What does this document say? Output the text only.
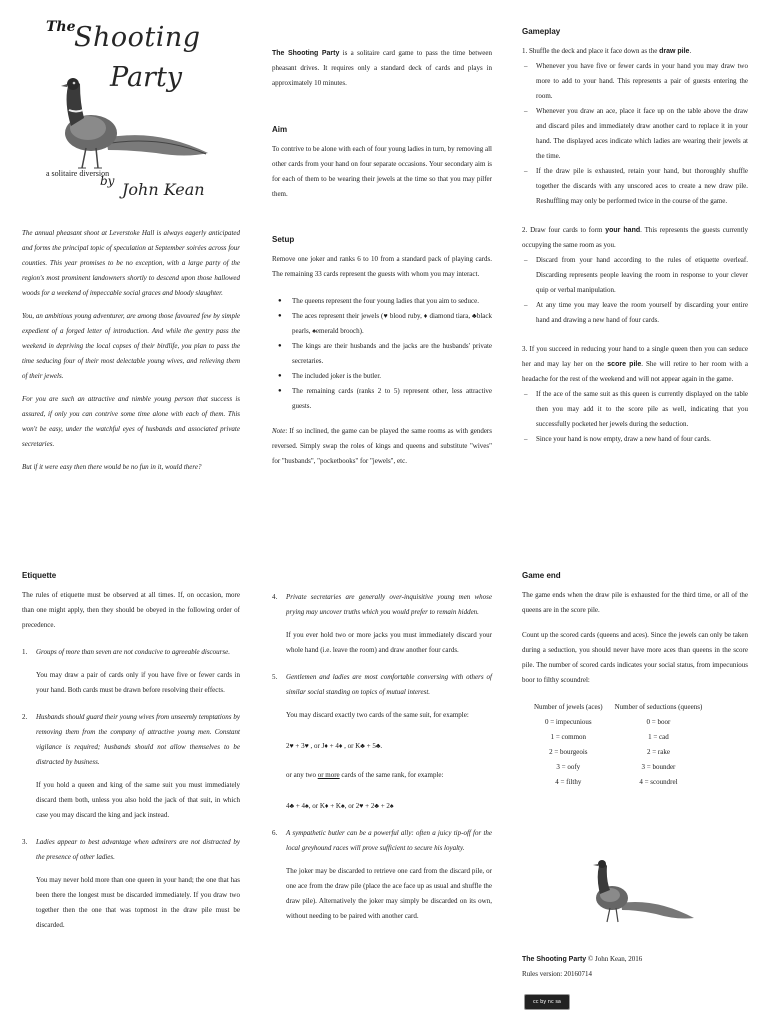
The
Shooting
Party
a solitaire diversion
by John Kean

The annual pheasant shoot at Leverstoke Hall is always eagerly anticipated and forms the principal topic of speculation at September soirées across four counties. This year promises to be no exception, with a large party of the region's most prominent landowners shortly to descend upon those hallowed woods for a weekend of impeccable social graces and bloody slaughter.

You, an ambitious young adventurer, are among those favoured few by simple expedient of a forged letter of introduction. And while the gentry pass the weekend in depriving the local copses of their birdlife, you plan to pass the time seducing four of their most delectable young wives, and relieving them of their jewels.

For you are such an attractive and nimble young person that success is assured, if only you can contrive some time alone with each of them. This won't be easy, under the watchful eyes of husbands and associated private secretaries.

But if it were easy then there would be no fun in it, would there?

The Shooting Party is a solitaire card game to pass the time between pheasant drives. It requires only a standard deck of cards and plays in approximately 10 minutes.

Aim

To contrive to be alone with each of four young ladies in turn, by removing all other cards from your hand on four separate occasions. Your secondary aim is for each of them to be wearing their jewels at the time so that you may pilfer them.

Setup

Remove one joker and ranks 6 to 10 from a standard pack of playing cards. The remaining 33 cards represent the guests with whom you may interact.

● The queens represent the four young ladies that you aim to seduce.
● The aces represent their jewels (♥ blood ruby, ♦ diamond tiara, ♣black pearls, ♠emerald brooch).
● The kings are their husbands and the jacks are the husbands' private secretaries.
● The included joker is the butler.
● The remaining cards (ranks 2 to 5) represent other, less attractive guests.

Note: If so inclined, the game can be played the same rooms as with genders reversed. Simply swap the roles of kings and queens and substitute "wives" for "husbands", "pocketbooks" for "jewels", etc.

Gameplay

1. Shuffle the deck and place it face down as the draw pile.

– Whenever you have five or fewer cards in your hand you may draw two more to add to your hand. This represents a pair of guests entering the room.
– Whenever you draw an ace, place it face up on the table above the draw and discard piles and immediately draw another card to replace it in your hand. The displayed aces indicate which ladies are wearing their jewels at the time.
– If the draw pile is exhausted, retain your hand, but thoroughly shuffle together the discards with any unscored aces to create a new draw pile. Reshuffling may only be performed twice in the course of the game.

2. Draw four cards to form your hand. This represents the guests currently occupying the same room as you.

– Discard from your hand according to the rules of etiquette overleaf. Discarding represents people leaving the room in response to your clever quip or verbal manipulation.
– At any time you may leave the room yourself by discarding your entire hand and drawing a new hand of four cards.

3. If you succeed in reducing your hand to a single queen then you can seduce her and may lay her on the score pile. She will retire to her room with a headache for the rest of the weekend and will not appear again in the game.

– If the ace of the same suit as this queen is currently displayed on the table then you may add it to the score pile as well, indicating that you successfully pocketed her jewels during the seduction.
– Since your hand is now empty, draw a new hand of four cards.
Etiquette

The rules of etiquette must be observed at all times. If, on occasion, more than one might apply, then they should be obeyed in the following order of precedence.

1. Groups of more than seven are not conducive to agreeable discourse.

You may draw a pair of cards only if you have five or fewer cards in your hand. Both cards must be drawn before resolving their effects.

2. Husbands should guard their young wives from unseemly temptations by removing them from the company of attractive young men. Constant vigilance is required; husbands should not allow themselves to be distracted by business.

If you hold a queen and king of the same suit you must immediately discard them both, unless you also hold the jack of that suit, in which case you may discard the king and jack instead.

3. Ladies appear to best advantage when admirers are not distracted by the presence of other ladies.

You may never hold more than one queen in your hand; the one that has been there the longest must be discarded immediately. If you draw two together then the one that was topmost in the draw pile must be discarded.

4. Private secretaries are generally over-inquisitive young men whose prying may uncover truths which you would prefer to remain hidden.

If you ever hold two or more jacks you must immediately discard your whole hand (i.e. leave the room) and draw another four cards.

5. Gentlemen and ladies are most comfortable conversing with others of similar social standing on topics of mutual interest.

You may discard exactly two cards of the same suit, for example:

2♥ + 3♥ , or J♦ + 4♦ , or K♣ + 5♣.

or any two or more cards of the same rank, for example:

4♣ + 4♠, or K♦ + K♠, or 2♥ + 2♣ + 2♠

6. A sympathetic butler can be a powerful ally: often a juicy tip-off for the local greyhound races will prove sufficient to secure his loyalty.

The joker may be discarded to retrieve one card from the discard pile, or one ace from the draw pile (place the ace face up as usual and shuffle the draw pile). Alternatively the joker may simply be discarded on its own, without needing to be paired with another card.

Game end

The game ends when the draw pile is exhausted for the third time, or all of the queens are in the score pile.

Count up the scored cards (queens and aces). Since the jewels can only be taken during a seduction, you should never have more aces than queens in the score pile. The number of scored cards indicates your social status, from impecunious boor to filthy scoundrel:

Number of jewels (aces)	Number of seductions (queens)
0 = impecunious	0 = boor
1 = common	1 = cad
2 = bourgeois	2 = rake
3 = oofy	3 = bounder
4 = filthy	4 = scoundrel

The Shooting Party © John Kean, 2016

Rules version: 20160714

cc by nc sa
